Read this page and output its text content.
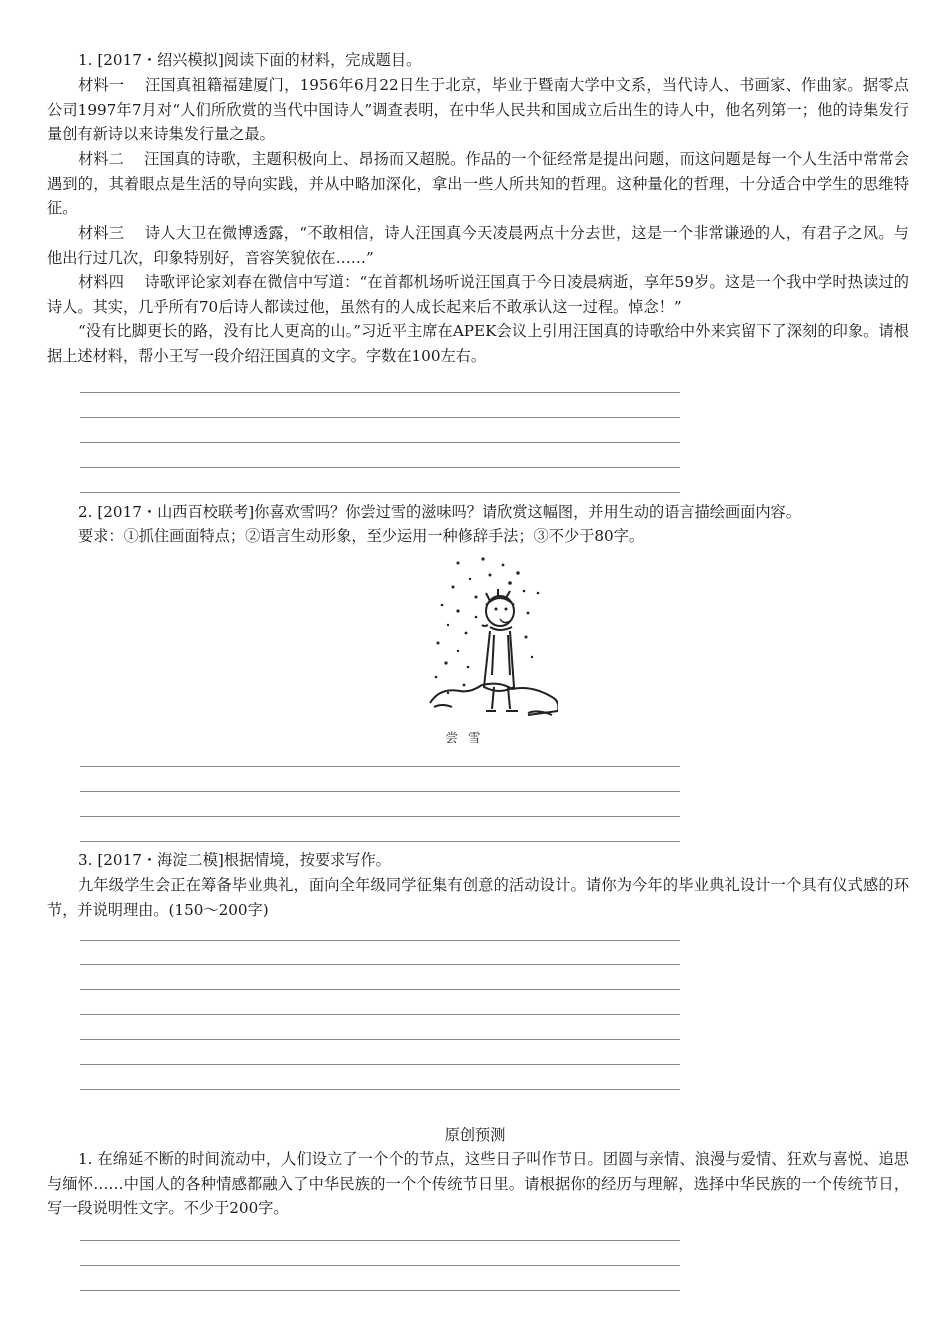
1. [2017・绍兴模拟]阅读下面的材料，完成题目。

材料一　 汪国真祖籍福建厦门，1956年6月22日生于北京，毕业于暨南大学中文系，当代诗人、书画家、作曲家。据零点公司1997年7月对“人们所欣赏的当代中国诗人”调查表明，在中华人民共和国成立后出生的诗人中，他名列第一；他的诗集发行量创有新诗以来诗集发行量之最。

材料二　 汪国真的诗歌，主题积极向上、昂扬而又超脱。作品的一个征经常是提出问题，而这问题是每一个人生活中常常会遇到的，其着眼点是生活的导向实践，并从中略加深化，拿出一些人所共知的哲理。这种量化的哲理，十分适合中学生的思维特征。

材料三　 诗人大卫在微博透露，“不敢相信，诗人汪国真今天凌晨两点十分去世，这是一个非常谦逊的人，有君子之风。与他出行过几次，印象特别好，音容笑貌依在……”

材料四　 诗歌评论家刘春在微信中写道：“在首都机场听说汪国真于今日凌晨病逝，享年59岁。这是一个我中学时热读过的诗人。其实，几乎所有70后诗人都读过他，虽然有的人成长起来后不敢承认这一过程。悼念！”

“没有比脚更长的路，没有比人更高的山。”习近平主席在APEK会议上引用汪国真的诗歌给中外来宾留下了深刻的印象。请根据上述材料，帮小王写一段介绍汪国真的文字。字数在100左右。

2. [2017・山西百校联考]你喜欢雪吗？你尝过雪的滋味吗？请欣赏这幅图，并用生动的语言描绘画面内容。

要求：①抓住画面特点；②语言生动形象，至少运用一种修辞手法；③不少于80字。

尝雪

3. [2017・海淀二模]根据情境，按要求写作。

九年级学生会正在筹备毕业典礼，面向全年级同学征集有创意的活动设计。请你为今年的毕业典礼设计一个具有仪式感的环节，并说明理由。(150～200字)

原创预测

1. 在绵延不断的时间流动中，人们设立了一个个的节点，这些日子叫作节日。团圆与亲情、浪漫与爱情、狂欢与喜悦、追思与缅怀……中国人的各种情感都融入了中华民族的一个个传统节日里。请根据你的经历与理解，选择中华民族的一个传统节日，写一段说明性文字。不少于200字。
